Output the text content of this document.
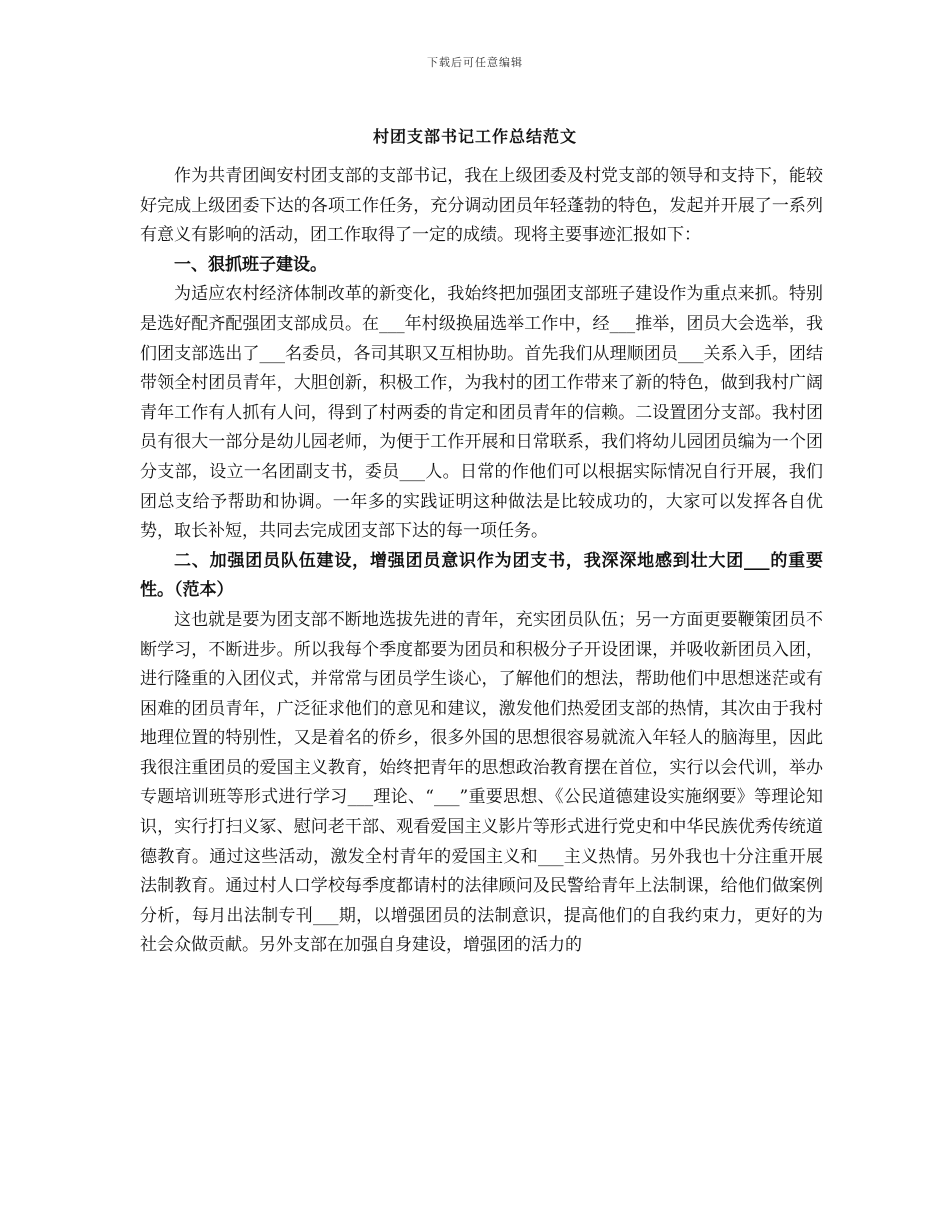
下载后可任意编辑
村团支部书记工作总结范文

作为共青团闽安村团支部的支部书记，我在上级团委及村党支部的领导和支持下，能较好完成上级团委下达的各项工作任务，充分调动团员年轻蓬勃的特色，发起并开展了一系列有意义有影响的活动，团工作取得了一定的成绩。现将主要事迹汇报如下：

一、狠抓班子建设。

为适应农村经济体制改革的新变化，我始终把加强团支部班子建设作为重点来抓。特别是选好配齐配强团支部成员。在___年村级换届选举工作中，经___推举，团员大会选举，我们团支部选出了___名委员，各司其职又互相协助。首先我们从理顺团员___关系入手，团结带领全村团员青年，大胆创新，积极工作，为我村的团工作带来了新的特色，做到我村广阔青年工作有人抓有人问，得到了村两委的肯定和团员青年的信赖。二设置团分支部。我村团员有很大一部分是幼儿园老师，为便于工作开展和日常联系，我们将幼儿园团员编为一个团分支部，设立一名团副支书，委员___人。日常的作他们可以根据实际情况自行开展，我们团总支给予帮助和协调。一年多的实践证明这种做法是比较成功的，大家可以发挥各自优势，取长补短，共同去完成团支部下达的每一项任务。

二、加强团员队伍建设，增强团员意识作为团支书，我深深地感到壮大团___的重要性。（范本）

这也就是要为团支部不断地选拔先进的青年，充实团员队伍；另一方面更要鞭策团员不断学习，不断进步。所以我每个季度都要为团员和积极分子开设团课，并吸收新团员入团，进行隆重的入团仪式，并常常与团员学生谈心，了解他们的想法，帮助他们中思想迷茫或有困难的团员青年，广泛征求他们的意见和建议，激发他们热爱团支部的热情，其次由于我村地理位置的特别性，又是着名的侨乡，很多外国的思想很容易就流入年轻人的脑海里，因此我很注重团员的爱国主义教育，始终把青年的思想政治教育摆在首位，实行以会代训，举办专题培训班等形式进行学习___理论、“___”重要思想、《公民道德建设实施纲要》等理论知识，实行打扫义冢、慰问老干部、观看爱国主义影片等形式进行党史和中华民族优秀传统道德教育。通过这些活动，激发全村青年的爱国主义和___主义热情。另外我也十分注重开展法制教育。通过村人口学校每季度都请村的法律顾问及民警给青年上法制课，给他们做案例分析，每月出法制专刊___期，以增强团员的法制意识，提高他们的自我约束力，更好的为社会众做贡献。另外支部在加强自身建设，增强团的活力的
